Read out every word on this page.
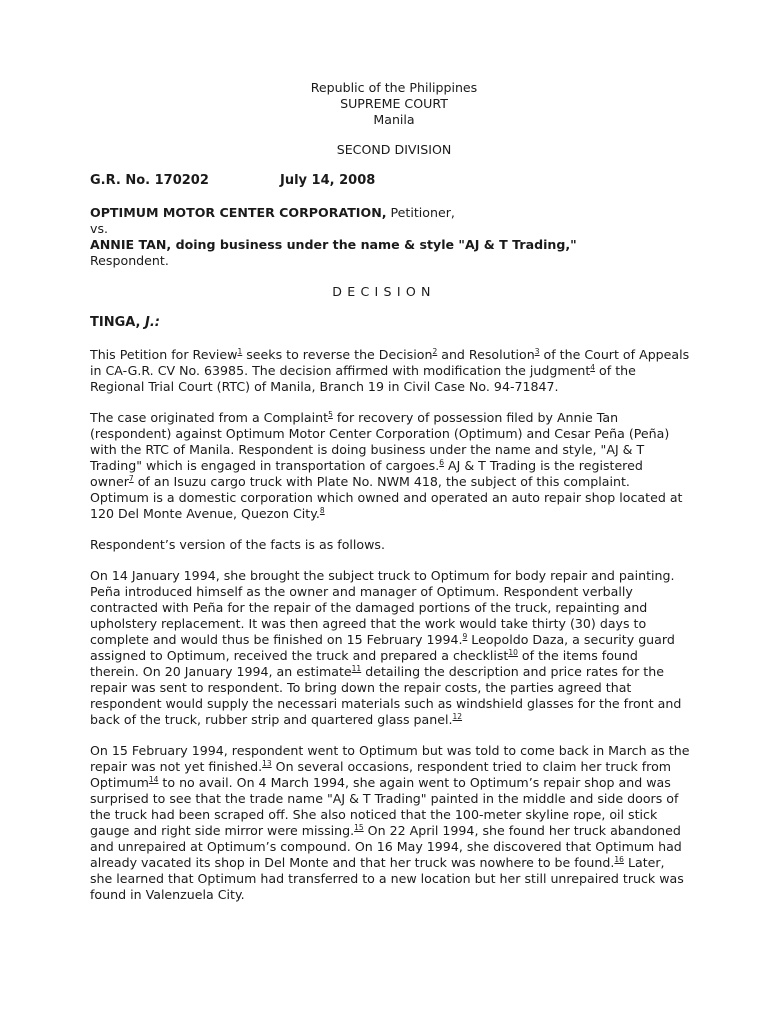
Republic of the Philippines
SUPREME COURT
Manila
SECOND DIVISION
G.R. No. 170202	July 14, 2008
OPTIMUM MOTOR CENTER CORPORATION, Petitioner,
vs.
ANNIE TAN, doing business under the name & style "AJ & T Trading,"
Respondent.
DECISION
TINGA, J.:

This Petition for Review$^1$ seeks to reverse the Decision$^2$ and Resolution$^3$ of the Court of Appeals in CA-G.R. CV No. 63985. The decision affirmed with modification the judgment$^4$ of the Regional Trial Court (RTC) of Manila, Branch 19 in Civil Case No. 94-71847.

The case originated from a Complaint$^5$ for recovery of possession filed by Annie Tan (respondent) against Optimum Motor Center Corporation (Optimum) and Cesar Peña (Peña) with the RTC of Manila. Respondent is doing business under the name and style, "AJ & T Trading" which is engaged in transportation of cargoes.$^6$ AJ & T Trading is the registered owner$^7$ of an Isuzu cargo truck with Plate No. NWM 418, the subject of this complaint. Optimum is a domestic corporation which owned and operated an auto repair shop located at 120 Del Monte Avenue, Quezon City.$^8$

Respondent’s version of the facts is as follows.

On 14 January 1994, she brought the subject truck to Optimum for body repair and painting. Peña introduced himself as the owner and manager of Optimum. Respondent verbally contracted with Peña for the repair of the damaged portions of the truck, repainting and upholstery replacement. It was then agreed that the work would take thirty (30) days to complete and would thus be finished on 15 February 1994.$^9$ Leopoldo Daza, a security guard assigned to Optimum, received the truck and prepared a checklist$^{10}$ of the items found therein. On 20 January 1994, an estimate$^{11}$ detailing the description and price rates for the repair was sent to respondent. To bring down the repair costs, the parties agreed that respondent would supply the necessari materials such as windshield glasses for the front and back of the truck, rubber strip and quartered glass panel.$^{12}$

On 15 February 1994, respondent went to Optimum but was told to come back in March as the repair was not yet finished.$^{13}$ On several occasions, respondent tried to claim her truck from Optimum$^{14}$ to no avail. On 4 March 1994, she again went to Optimum’s repair shop and was surprised to see that the trade name "AJ & T Trading" painted in the middle and side doors of the truck had been scraped off. She also noticed that the 100-meter skyline rope, oil stick gauge and right side mirror were missing.$^{15}$ On 22 April 1994, she found her truck abandoned and unrepaired at Optimum’s compound. On 16 May 1994, she discovered that Optimum had already vacated its shop in Del Monte and that her truck was nowhere to be found.$^{16}$ Later, she learned that Optimum had transferred to a new location but her still unrepaired truck was found in Valenzuela City.
